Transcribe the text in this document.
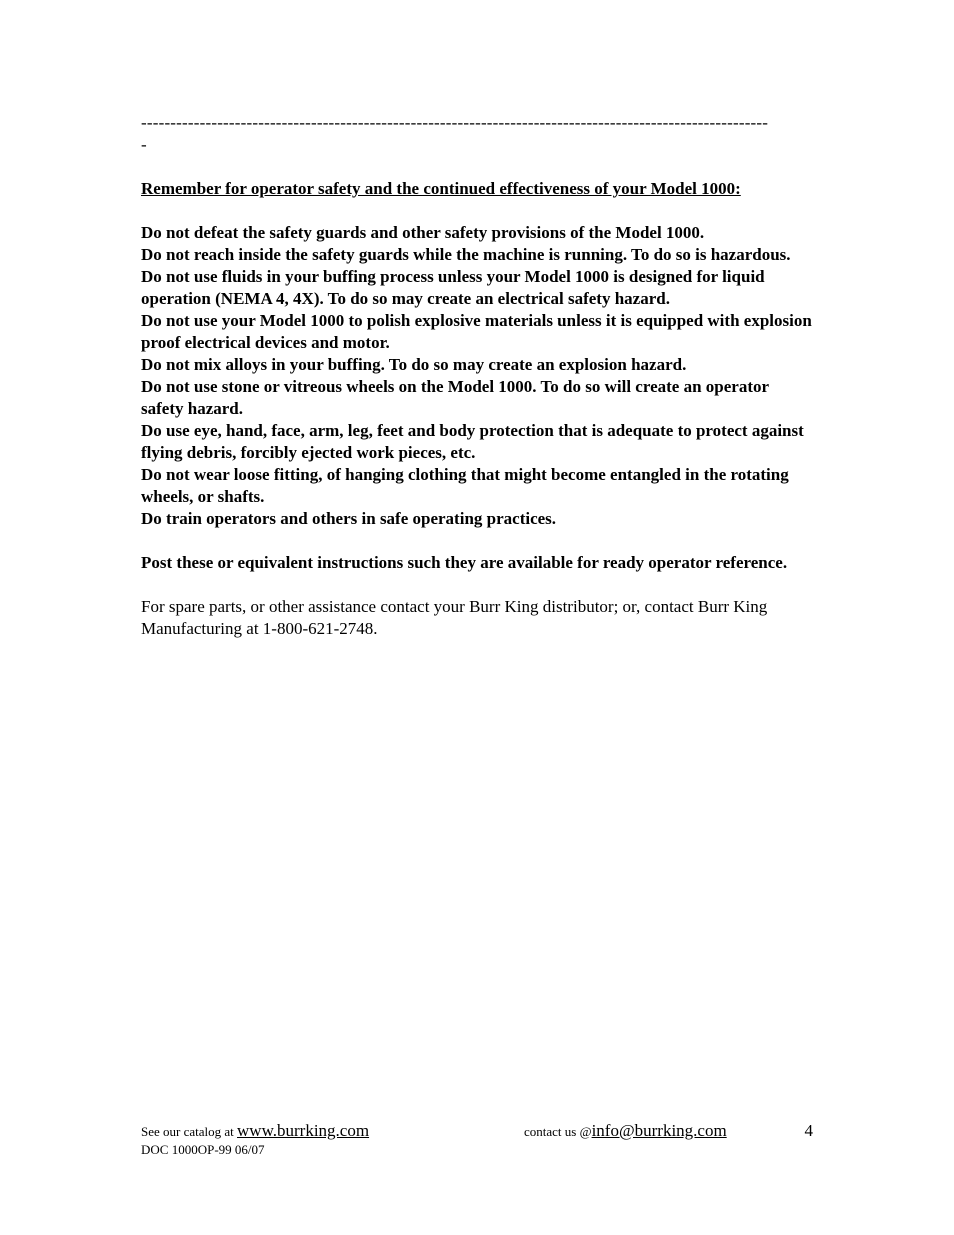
-----------------------------------------------------------------------------------------------------------
-
Remember for operator safety and the continued effectiveness of your Model 1000:
Do not defeat the safety guards and other safety provisions of the Model 1000.
Do not reach inside the safety guards while the machine is running. To do so is hazardous.
Do not use fluids in your buffing process unless your Model 1000 is designed for liquid operation (NEMA 4, 4X). To do so may create an electrical safety hazard.
Do not use your Model 1000 to polish explosive materials unless it is equipped with explosion proof electrical devices and motor.
Do not mix alloys in your buffing. To do so may create an explosion hazard.
Do not use stone or vitreous wheels on the Model 1000. To do so will create an operator safety hazard.
Do use eye, hand, face, arm, leg, feet and body protection that is adequate to protect against flying debris, forcibly ejected work pieces, etc.
Do not wear loose fitting, of hanging clothing that might become entangled in the rotating wheels, or shafts.
Do train operators and others in safe operating practices.
Post these or equivalent instructions such they are available for ready operator reference.
For spare parts, or other assistance contact your Burr King distributor; or, contact Burr King Manufacturing at 1-800-621-2748.
See our catalog at www.burrking.com	contact us @info@burrking.com	4
DOC 1000OP-99 06/07
